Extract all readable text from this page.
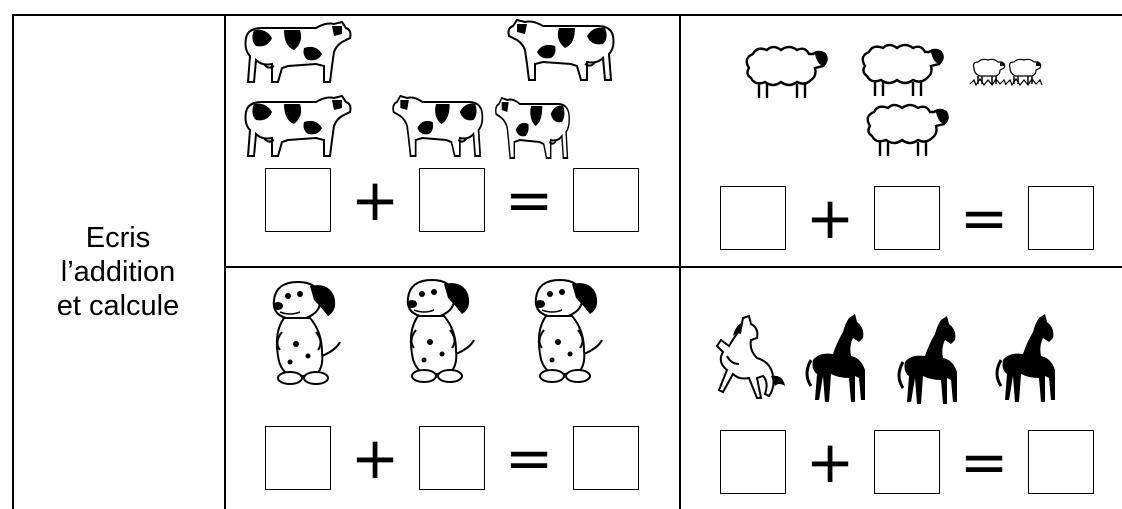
Ecris
l’addition
et calcule
+	=	+	=
+	=	+	=
